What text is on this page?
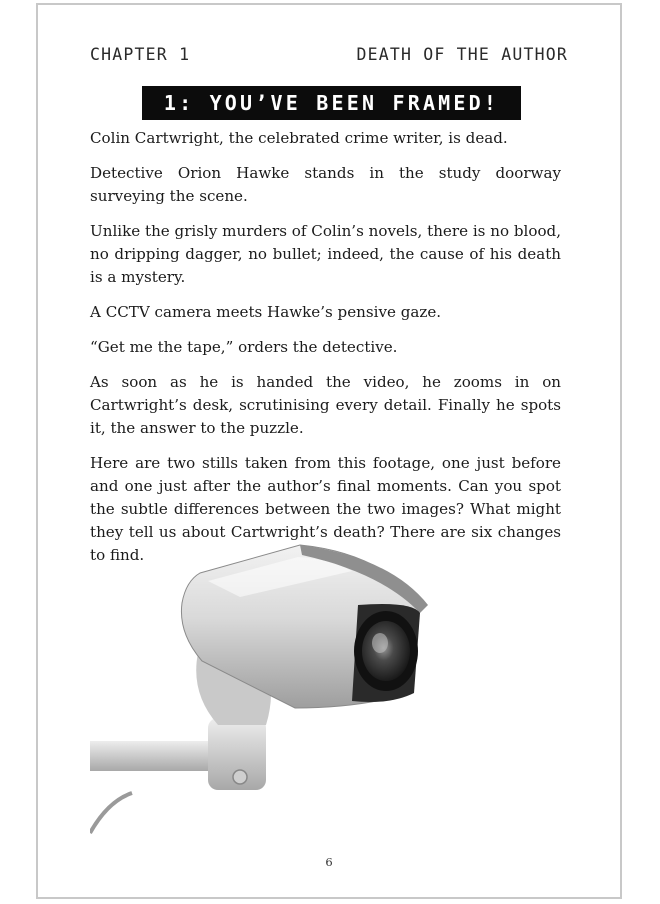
CHAPTER 1	DEATH OF THE AUTHOR
1: YOU’VE BEEN FRAMED!

Colin Cartwright, the celebrated crime writer, is dead.

Detective Orion Hawke stands in the study doorway surveying the scene.

Unlike the grisly murders of Colin’s novels, there is no blood, no dripping dagger, no bullet; indeed, the cause of his death is a mystery.

A CCTV camera meets Hawke’s pensive gaze.

“Get me the tape,” orders the detective.

As soon as he is handed the video, he zooms in on Cartwright’s desk, scrutinising every detail. Finally he spots it, the answer to the puzzle.

Here are two stills taken from this footage, one just before and one just after the author’s final moments. Can you spot the subtle differences between the two images? What might they tell us about Cartwright’s death? There are six changes to find.

6
